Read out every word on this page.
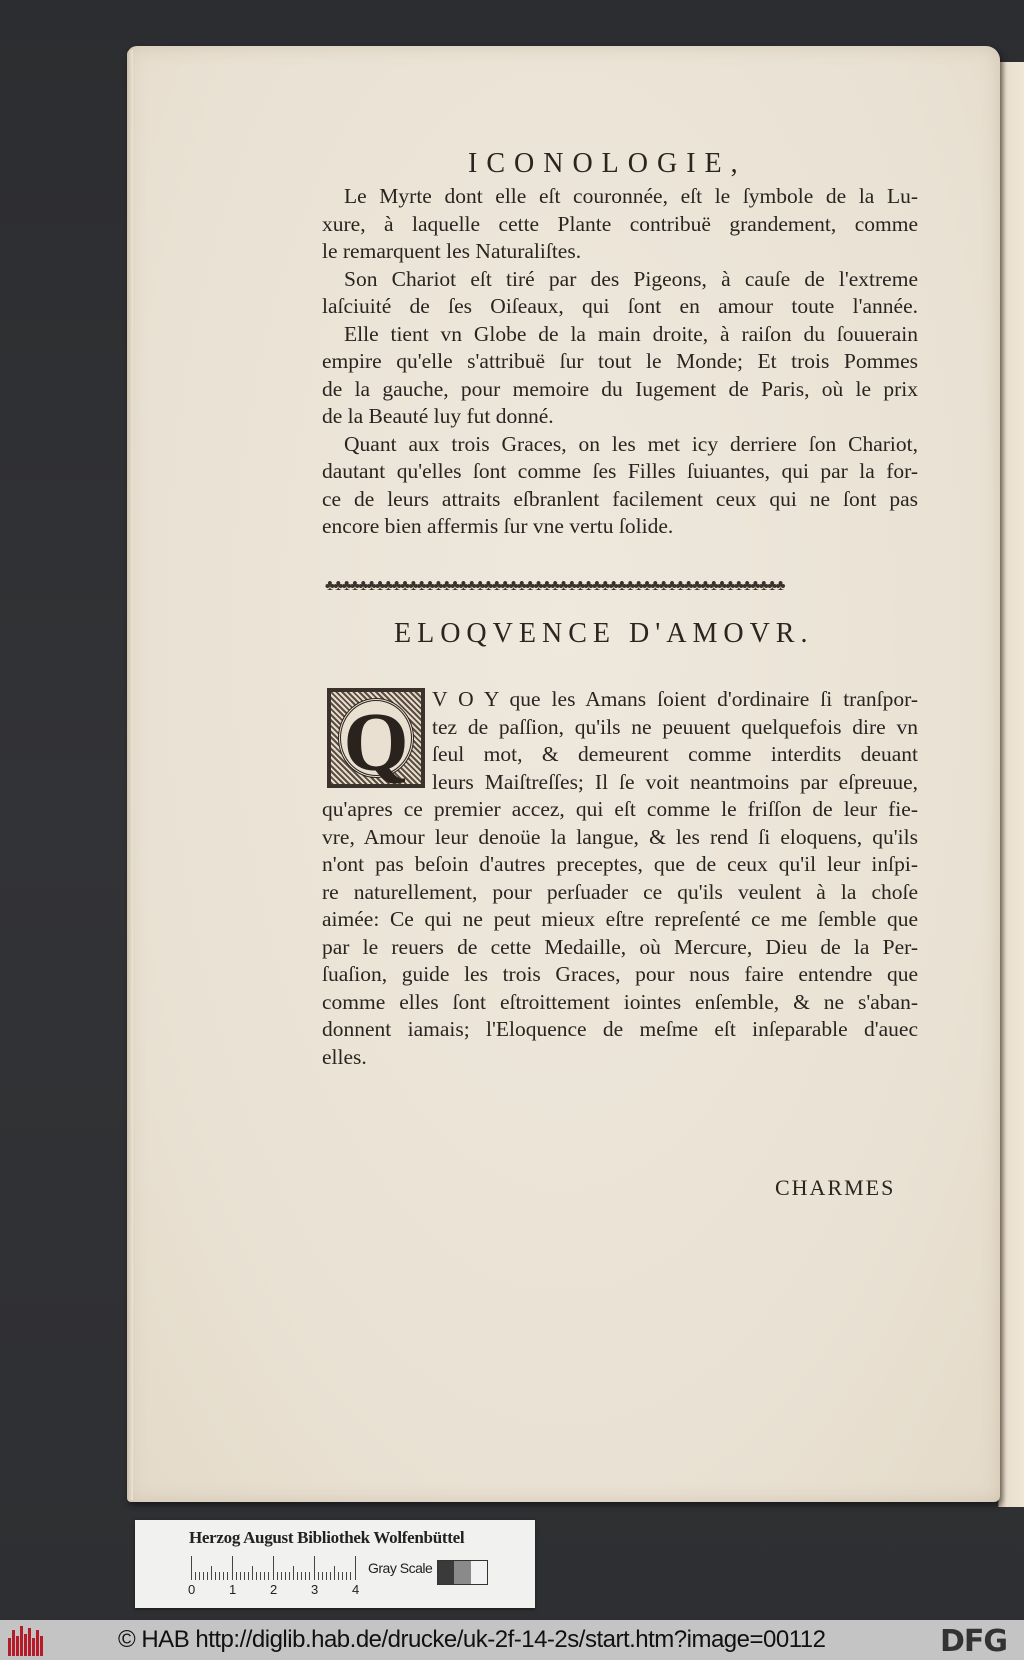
ICONOLOGIE,
Le Myrte dont elle eſt couronnée, eſt le ſymbole de la Lu-
xure, à laquelle cette Plante contribuë grandement, comme
le remarquent les Naturaliſtes.
Son Chariot eſt tiré par des Pigeons, à cauſe de l'extreme
laſciuité de ſes Oiſeaux, qui ſont en amour toute l'année.
Elle tient vn Globe de la main droite, à raiſon du ſouuerain
empire qu'elle s'attribuë ſur tout le Monde; Et trois Pommes
de la gauche, pour memoire du Iugement de Paris, où le prix
de la Beauté luy fut donné.
Quant aux trois Graces, on les met icy derriere ſon Chariot,
dautant qu'elles ſont comme ſes Filles ſuiuantes, qui par la for-
ce de leurs attraits eſbranlent facilement ceux qui ne ſont pas
encore bien affermis ſur vne vertu ſolide.
♣♣♣♣♣♣♣♣♣♣♣♣♣♣♣♣♣♣♣♣♣♣♣♣♣♣♣♣♣♣♣♣♣♣♣♣♣♣♣♣♣♣♣♣♣♣♣♣♣♣♣♣♣♣♣
ELOQVENCE D'AMOVR.
Q V O Y que les Amans ſoient d'ordinaire ſi tranſpor-
tez de paſſion, qu'ils ne peuuent quelquefois dire vn
ſeul mot, & demeurent comme interdits deuant
leurs Maiſtreſſes; Il ſe voit neantmoins par eſpreuue,
qu'apres ce premier accez, qui eſt comme le friſſon de leur fie-
vre, Amour leur denoüe la langue, & les rend ſi eloquens, qu'ils
n'ont pas beſoin d'autres preceptes, que de ceux qu'il leur inſpi-
re naturellement, pour perſuader ce qu'ils veulent à la choſe
aimée: Ce qui ne peut mieux eſtre repreſenté ce me ſemble que
par le reuers de cette Medaille, où Mercure, Dieu de la Per-
ſuaſion, guide les trois Graces, pour nous faire entendre que
comme elles ſont eſtroittement iointes enſemble, & ne s'aban-
donnent iamais; l'Eloquence de meſme eſt inſeparable d'auec
elles.
CHARMES
Herzog August Bibliothek Wolfenbüttel
0	1	2	3	4
Gray Scale
© HAB http://diglib.hab.de/drucke/uk-2f-14-2s/start.htm?image=00112	DFG
